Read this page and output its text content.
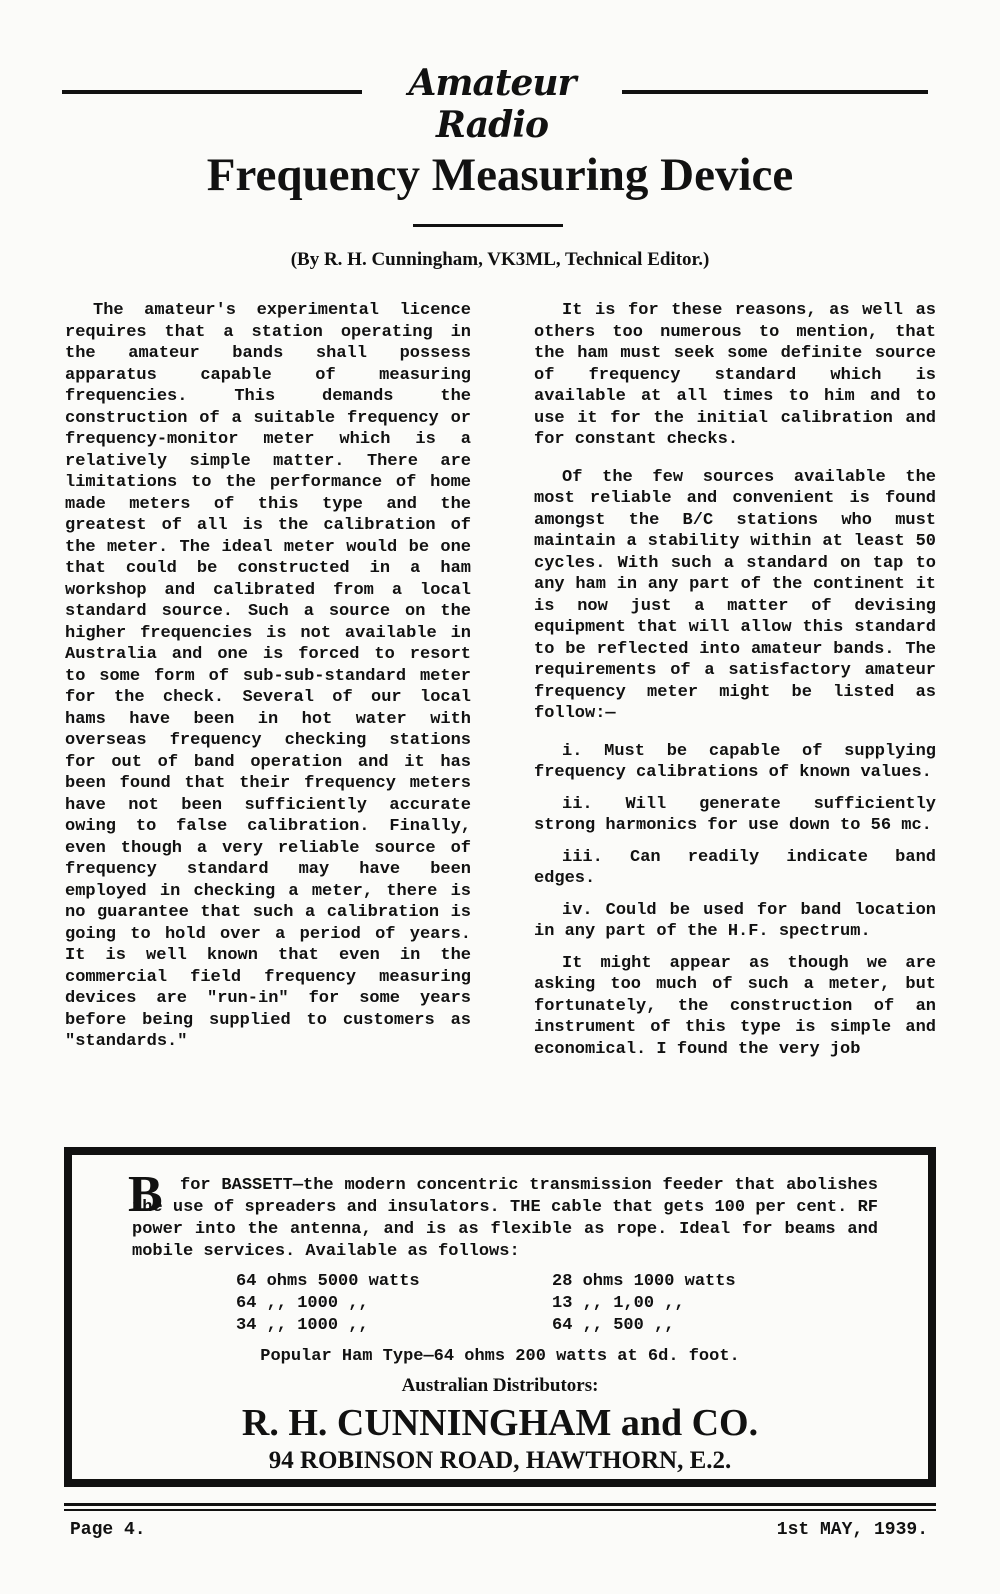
Amateur Radio
Frequency Measuring Device
(By R. H. Cunningham, VK3ML, Technical Editor.)

The amateur's experimental licence requires that a station operating in the amateur bands shall possess apparatus capable of measuring frequencies. This demands the construction of a suitable frequency or frequency-monitor meter which is a relatively simple matter. There are limitations to the performance of home made meters of this type and the greatest of all is the calibration of the meter. The ideal meter would be one that could be constructed in a ham workshop and calibrated from a local standard source. Such a source on the higher frequencies is not available in Australia and one is forced to resort to some form of sub-sub-standard meter for the check. Several of our local hams have been in hot water with overseas frequency checking stations for out of band operation and it has been found that their frequency meters have not been sufficiently accurate owing to false calibration. Finally, even though a very reliable source of frequency standard may have been employed in checking a meter, there is no guarantee that such a calibration is going to hold over a period of years. It is well known that even in the commercial field frequency measuring devices are "run-in" for some years before being supplied to customers as "standards."

It is for these reasons, as well as others too numerous to mention, that the ham must seek some definite source of frequency standard which is available at all times to him and to use it for the initial calibration and for constant checks.

Of the few sources available the most reliable and convenient is found amongst the B/C stations who must maintain a stability within at least 50 cycles. With such a standard on tap to any ham in any part of the continent it is now just a matter of devising equipment that will allow this standard to be reflected into amateur bands. The requirements of a satisfactory amateur frequency meter might be listed as follow:—

i. Must be capable of supplying frequency calibrations of known values.

ii. Will generate sufficiently strong harmonics for use down to 56 mc.

iii. Can readily indicate band edges.

iv. Could be used for band location in any part of the H.F. spectrum.

It might appear as though we are asking too much of such a meter, but fortunately, the construction of an instrument of this type is simple and economical. I found the very job

B	for BASSETT—the modern concentric transmission feeder that abolishes the use of spreaders and insulators. THE cable that gets 100 per cent. RF power into the antenna, and is as flexible as rope. Ideal for beams and mobile services. Available as follows:
64 ohms 5000 watts
64 ,, 1000 ,,
34 ,, 1000 ,,
28 ohms 1000 watts
13 ,, 1,00 ,,
64 ,, 500 ,,
Popular Ham Type—64 ohms 200 watts at 6d. foot.
Australian Distributors:
R. H. CUNNINGHAM and CO.
94 ROBINSON ROAD, HAWTHORN, E.2.
Page 4.	1st MAY, 1939.
